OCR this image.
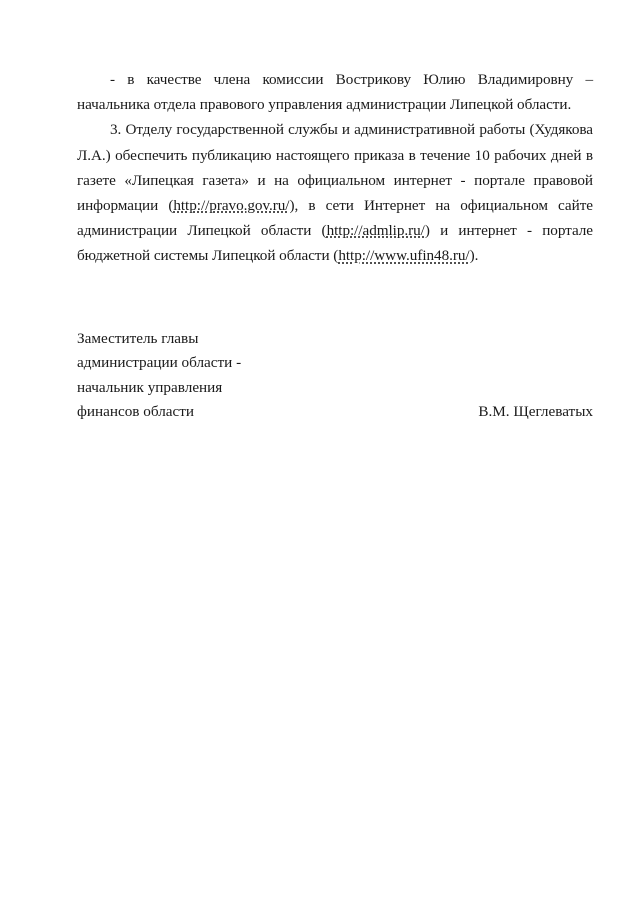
- в качестве члена комиссии Вострикову Юлию Владимировну – начальника отдела правового управления администрации Липецкой области.

3. Отделу государственной службы и административной работы (Худякова Л.А.) обеспечить публикацию настоящего приказа в течение 10 рабочих дней в газете «Липецкая газета» и на официальном интернет - портале правовой информации (http://pravo.gov.ru/), в сети Интернет на официальном сайте администрации Липецкой области (http://admlip.ru/) и интернет - портале бюджетной системы Липецкой области (http://www.ufin48.ru/).

Заместитель главы
администрации области -
начальник управления
финансов области	В.М. Щеглеватых
